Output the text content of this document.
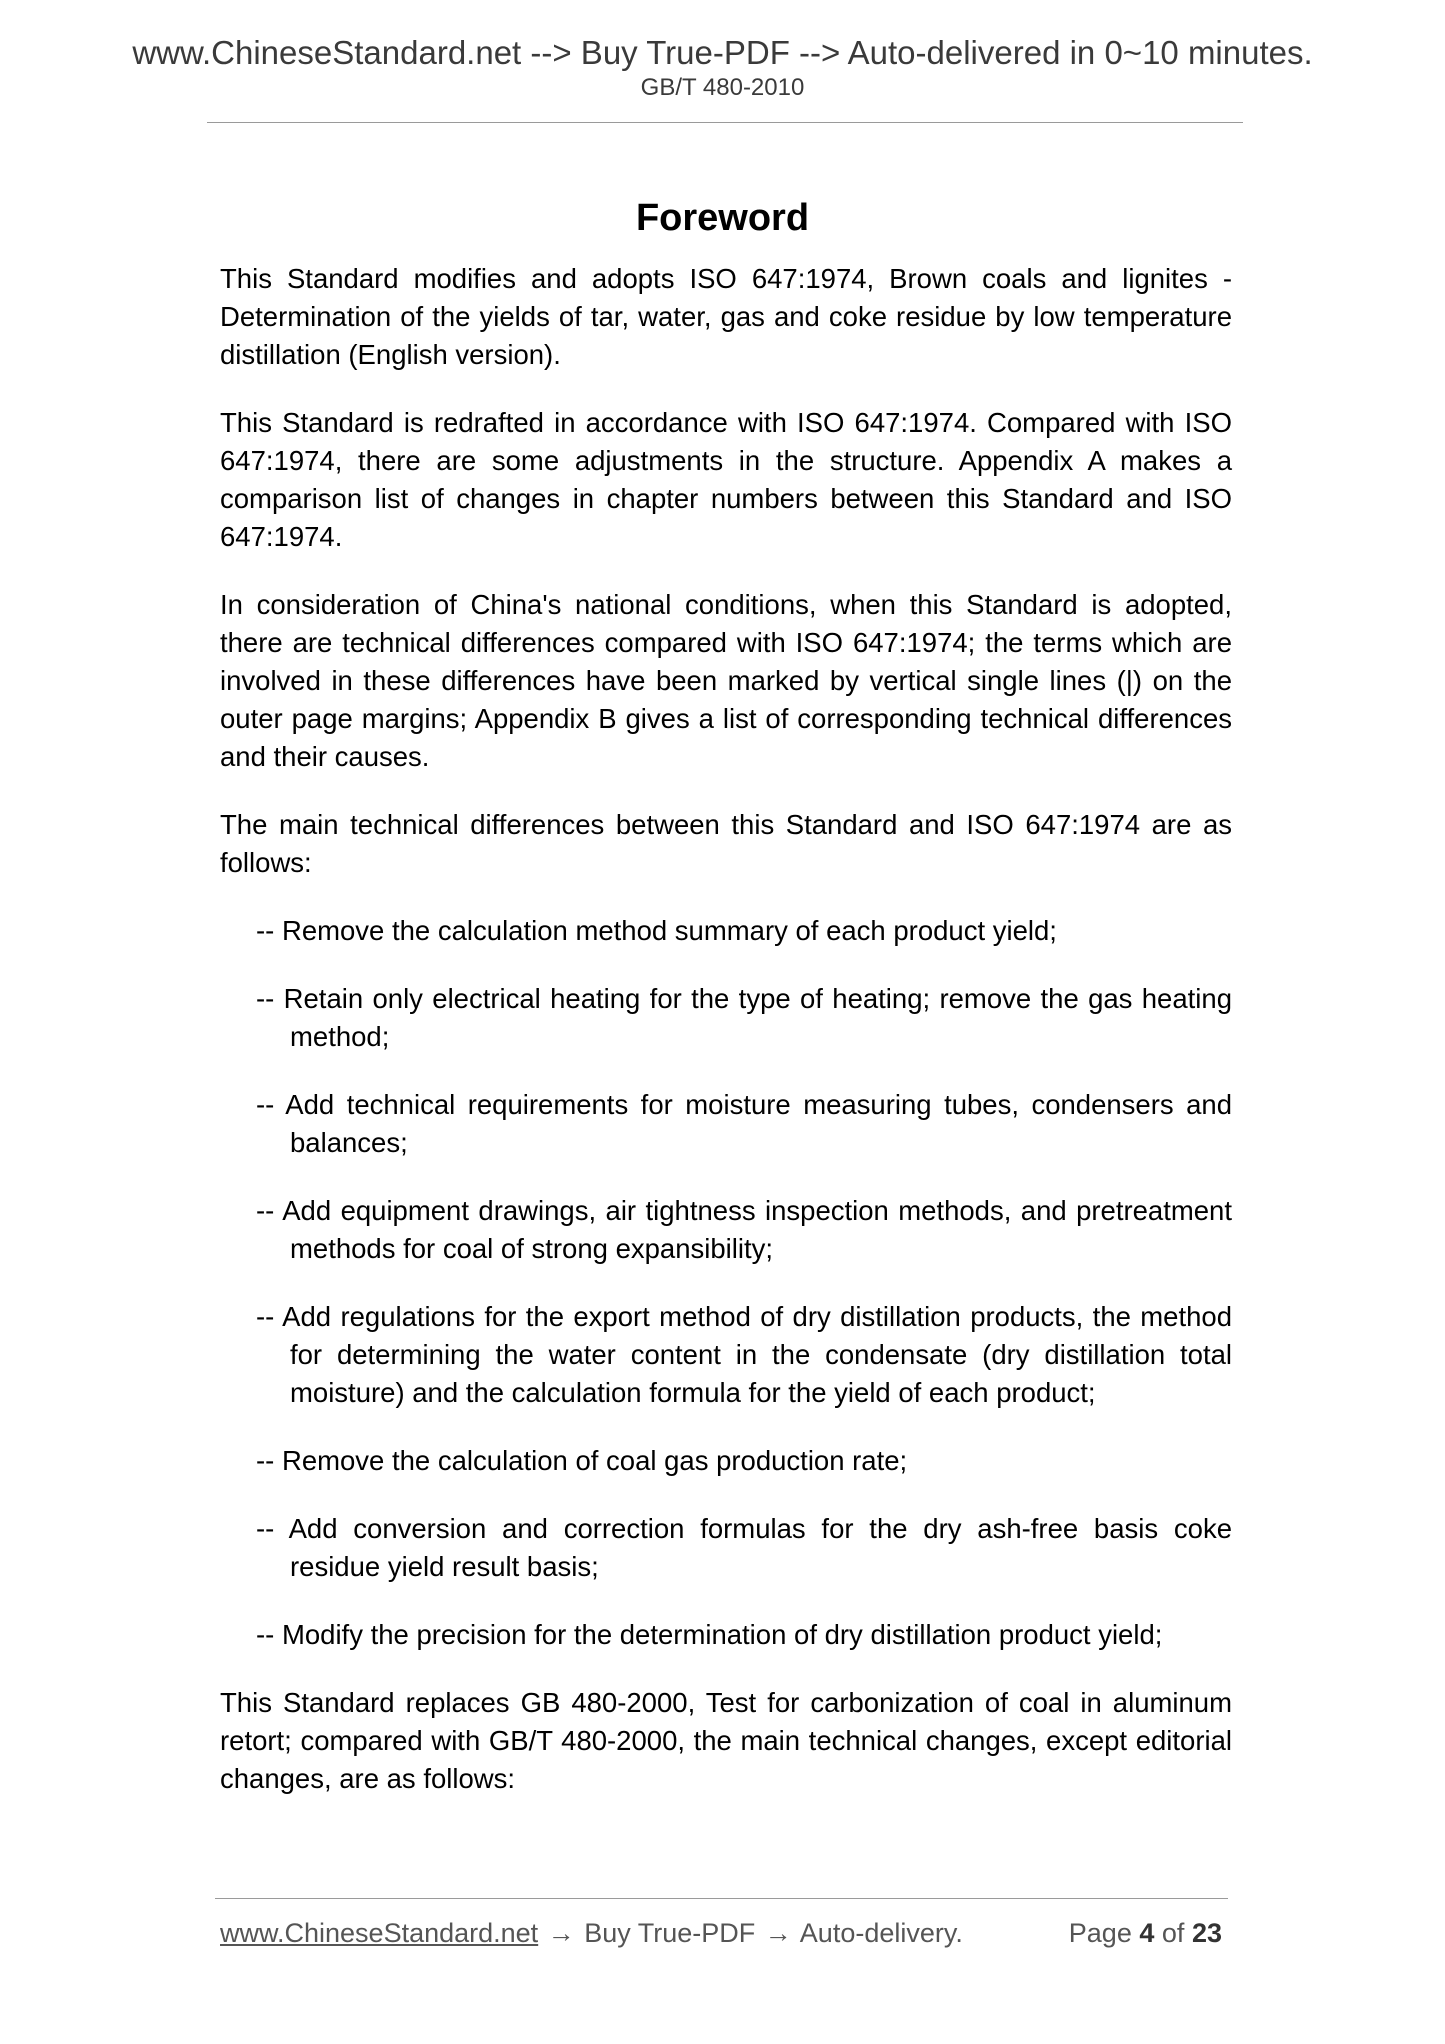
www.ChineseStandard.net --> Buy True-PDF --> Auto-delivered in 0~10 minutes.
GB/T 480-2010
Foreword

This Standard modifies and adopts ISO 647:1974, Brown coals and lignites - Determination of the yields of tar, water, gas and coke residue by low temperature distillation (English version).

This Standard is redrafted in accordance with ISO 647:1974. Compared with ISO 647:1974, there are some adjustments in the structure. Appendix A makes a comparison list of changes in chapter numbers between this Standard and ISO 647:1974.

In consideration of China's national conditions, when this Standard is adopted, there are technical differences compared with ISO 647:1974; the terms which are involved in these differences have been marked by vertical single lines (|) on the outer page margins; Appendix B gives a list of corresponding technical differences and their causes.

The main technical differences between this Standard and ISO 647:1974 are as follows:

-- Remove the calculation method summary of each product yield;
-- Retain only electrical heating for the type of heating; remove the gas heating method;
-- Add technical requirements for moisture measuring tubes, condensers and balances;
-- Add equipment drawings, air tightness inspection methods, and pretreatment methods for coal of strong expansibility;
-- Add regulations for the export method of dry distillation products, the method for determining the water content in the condensate (dry distillation total moisture) and the calculation formula for the yield of each product;
-- Remove the calculation of coal gas production rate;
-- Add conversion and correction formulas for the dry ash-free basis coke residue yield result basis;
-- Modify the precision for the determination of dry distillation product yield;

This Standard replaces GB 480-2000, Test for carbonization of coal in aluminum retort; compared with GB/T 480-2000, the main technical changes, except editorial changes, are as follows:

www.ChineseStandard.net → Buy True-PDF → Auto-delivery.	Page 4 of 23
